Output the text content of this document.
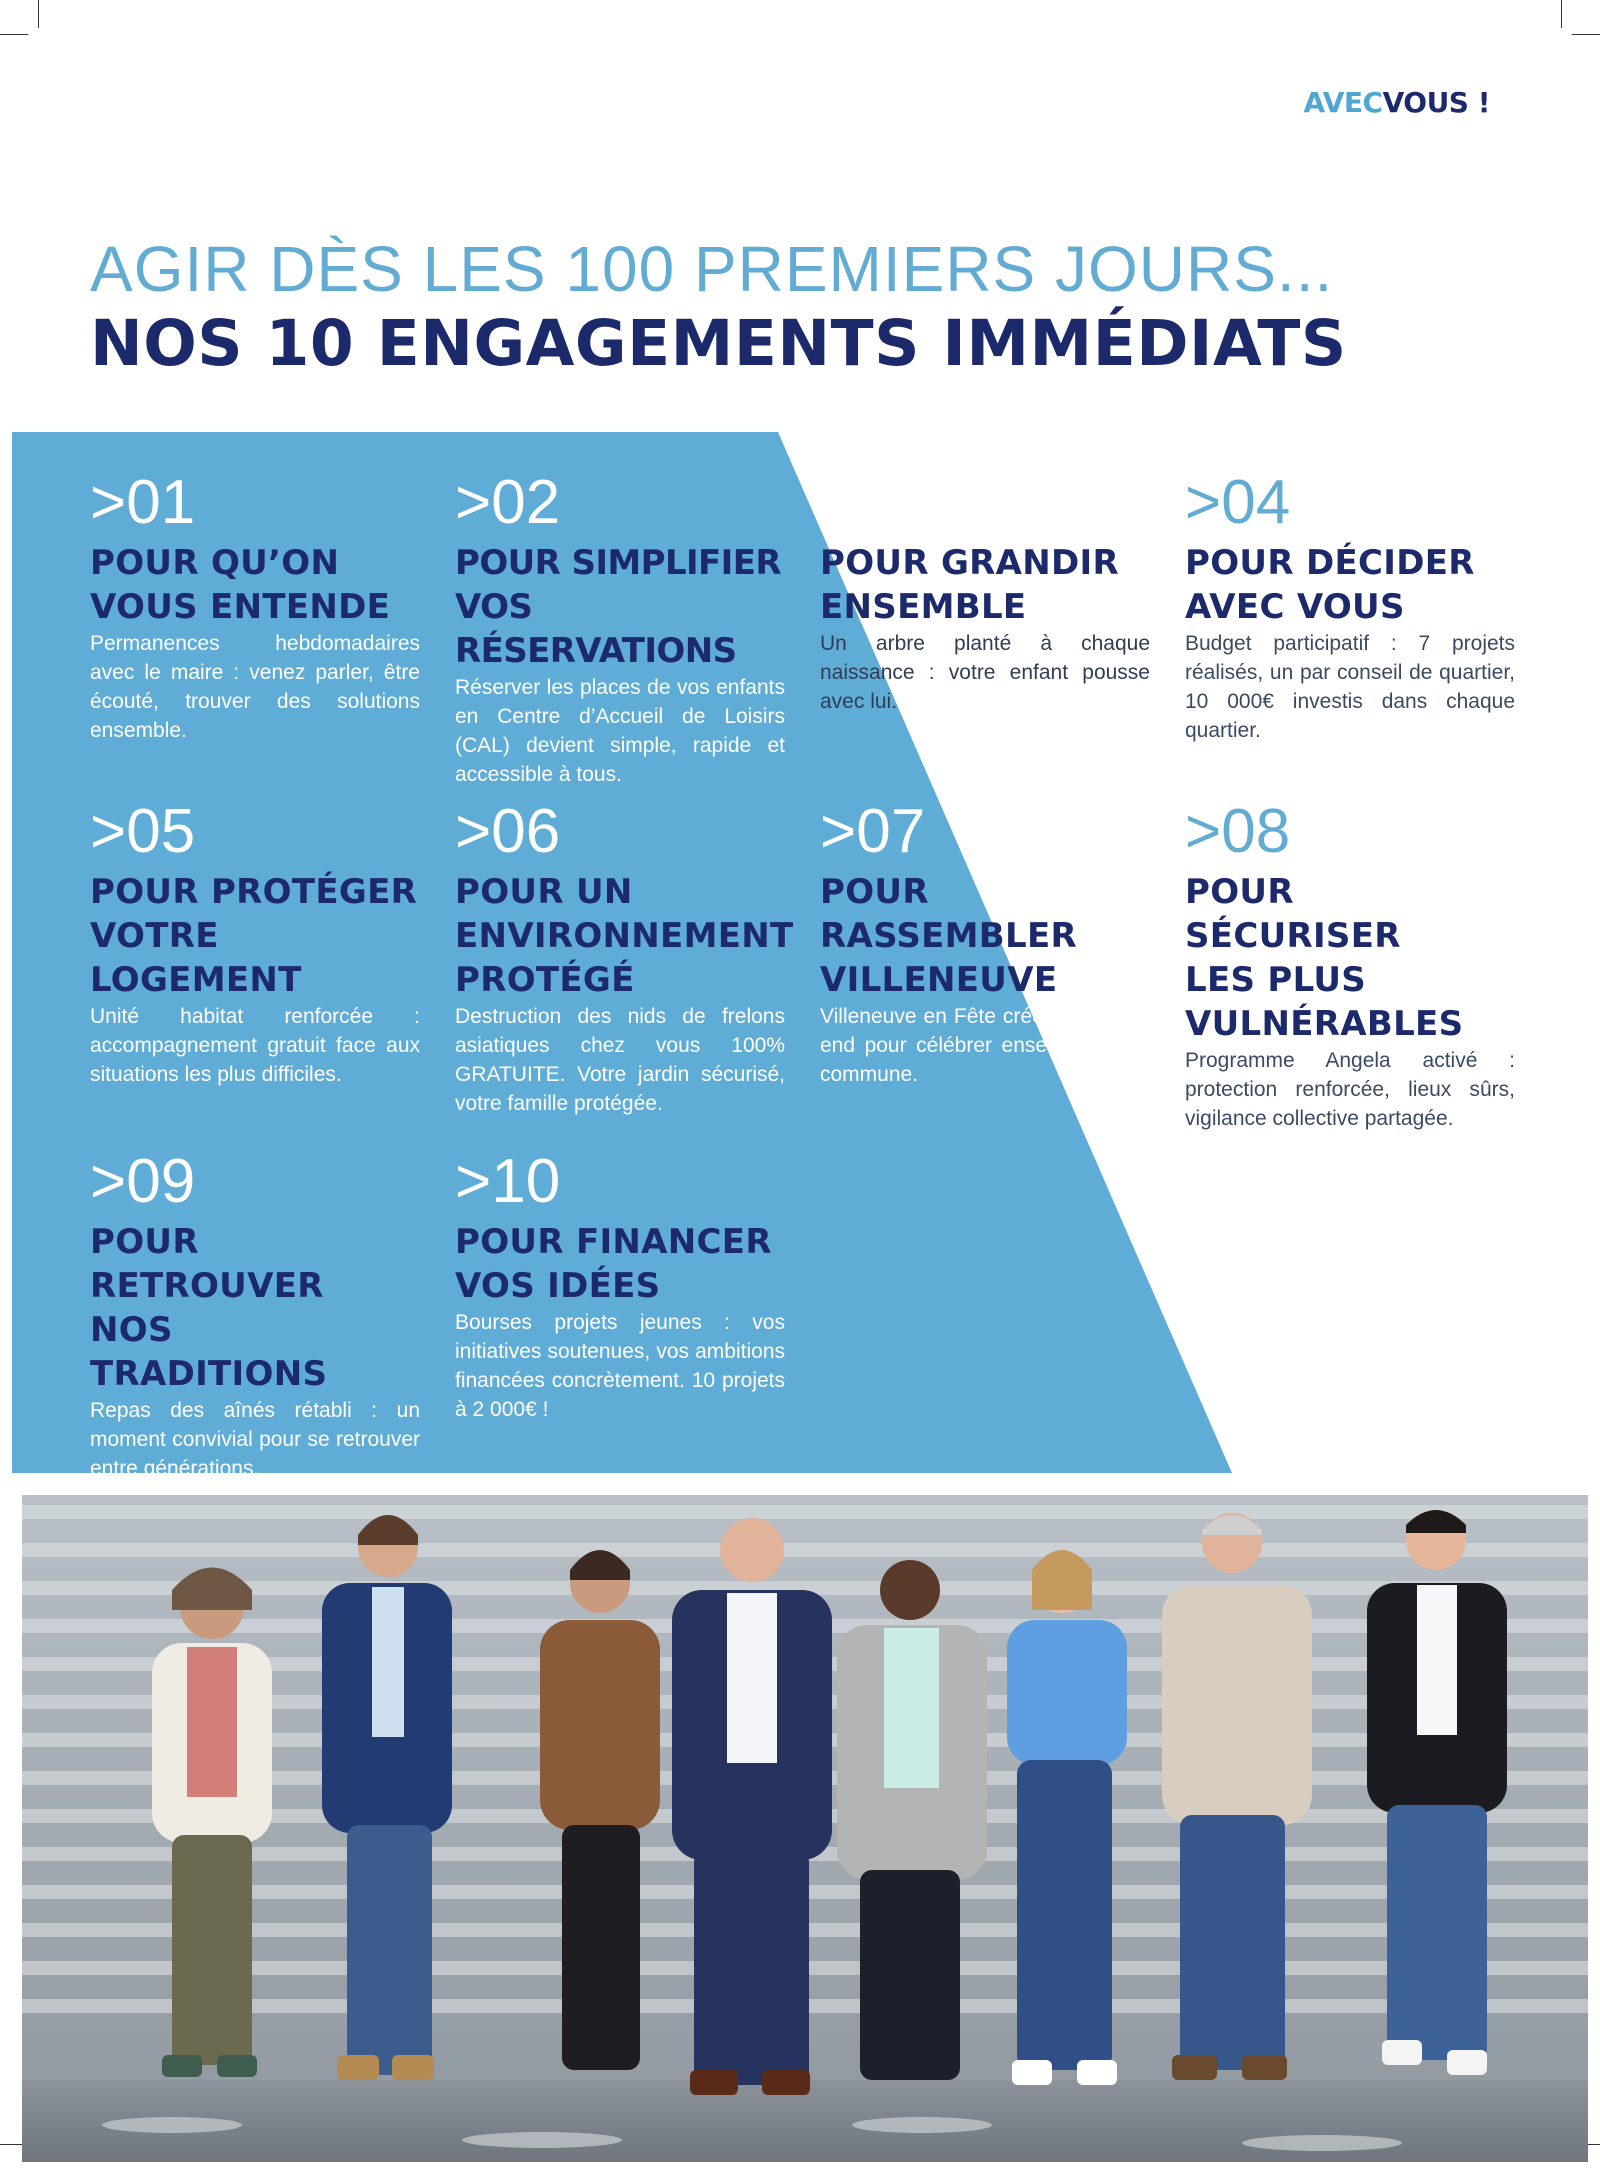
AVECVOUS !
AGIR DÈS LES 100 PREMIERS JOURS...
NOS 10 ENGAGEMENTS IMMÉDIATS
>01
POUR QU’ON
VOUS ENTENDE
Permanences hebdomadaires avec le maire : venez parler, être écouté, trouver des solutions ensemble.
>02
POUR SIMPLIFIER
VOS RÉSERVATIONS
Réserver les places de vos enfants en Centre d’Accueil de Loisirs (CAL) devient simple, rapide et accessible à tous.
>03
POUR GRANDIR
ENSEMBLE
Un arbre planté à chaque naissance : votre enfant pousse avec lui.
>04
POUR DÉCIDER
AVEC VOUS
Budget participatif : 7 projets réalisés, un par conseil de quartier, 10 000€ investis dans chaque quartier.
>05
POUR PROTÉGER
VOTRE
LOGEMENT
Unité habitat renforcée : accompagnement gratuit face aux situations les plus difficiles.
>06
POUR UN
ENVIRONNEMENT
PROTÉGÉ
Destruction des nids de frelons asiatiques chez vous 100% GRATUITE. Votre jardin sécurisé, votre famille protégée.
>07
POUR
RASSEMBLER
VILLENEUVE
Villeneuve en Fête créé : un week-end pour célébrer ensemble notre commune.
>08
POUR SÉCURISER
LES PLUS
VULNÉRABLES
Programme Angela activé : protection renforcée, lieux sûrs, vigilance collective partagée.
>09
POUR
RETROUVER
NOS TRADITIONS
Repas des aînés rétabli : un moment convivial pour se retrouver entre générations.
>10
POUR FINANCER
VOS IDÉES
Bourses projets jeunes : vos initiatives soutenues, vos ambitions financées concrètement. 10 projets à 2 000€ !
